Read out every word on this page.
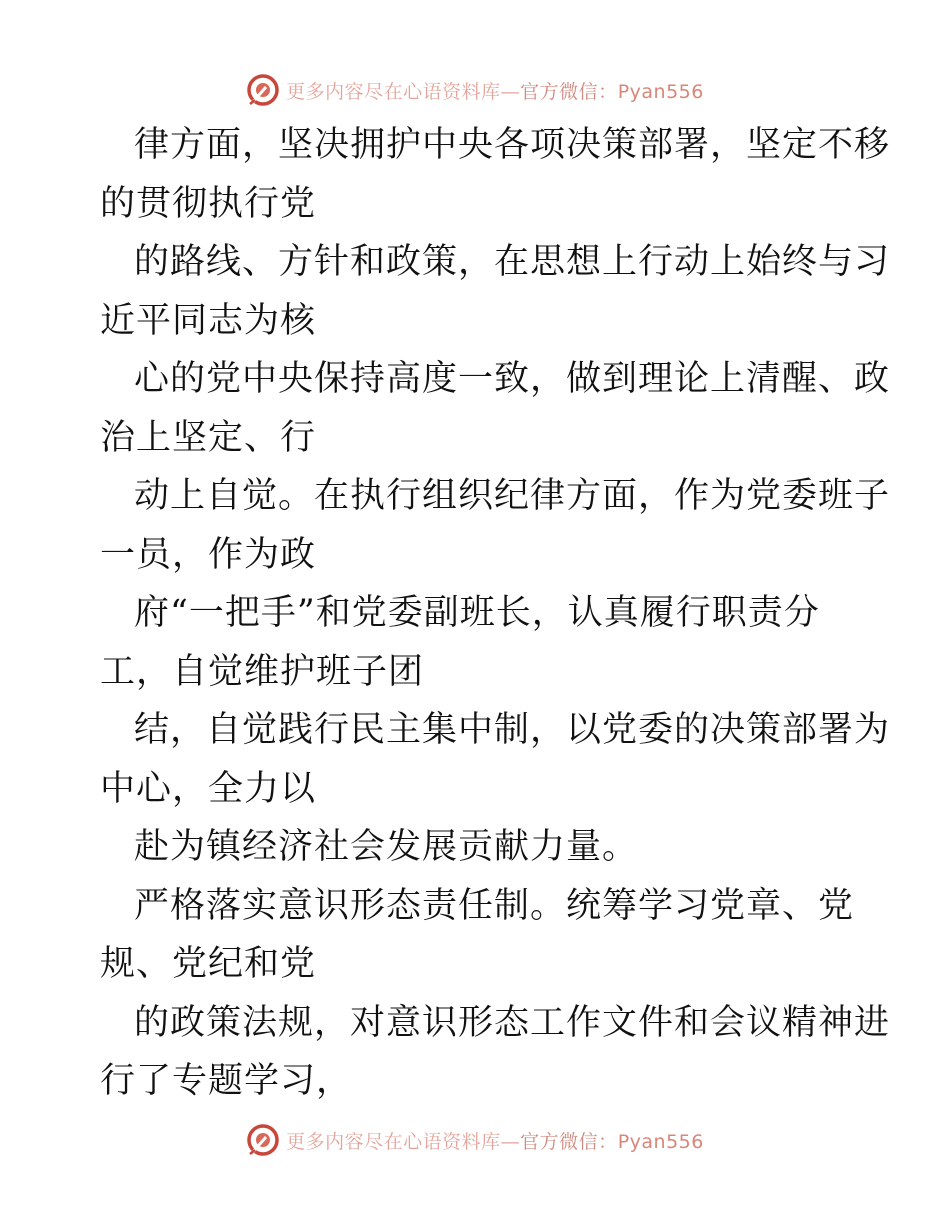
更多内容尽在心语资料库—官方微信：Pyan556
律方面，坚决拥护中央各项决策部署，坚定不移
的贯彻执行党
的路线、方针和政策，在思想上行动上始终与习
近平同志为核
心的党中央保持高度一致，做到理论上清醒、政
治上坚定、行
动上自觉。在执行组织纪律方面，作为党委班子
一员，作为政
府“一把手”和党委副班长，认真履行职责分
工，自觉维护班子团
结，自觉践行民主集中制，以党委的决策部署为
中心，全力以
赴为镇经济社会发展贡献力量。
严格落实意识形态责任制。统筹学习党章、党
规、党纪和党
的政策法规，对意识形态工作文件和会议精神进
行了专题学习，
更多内容尽在心语资料库—官方微信：Pyan556
